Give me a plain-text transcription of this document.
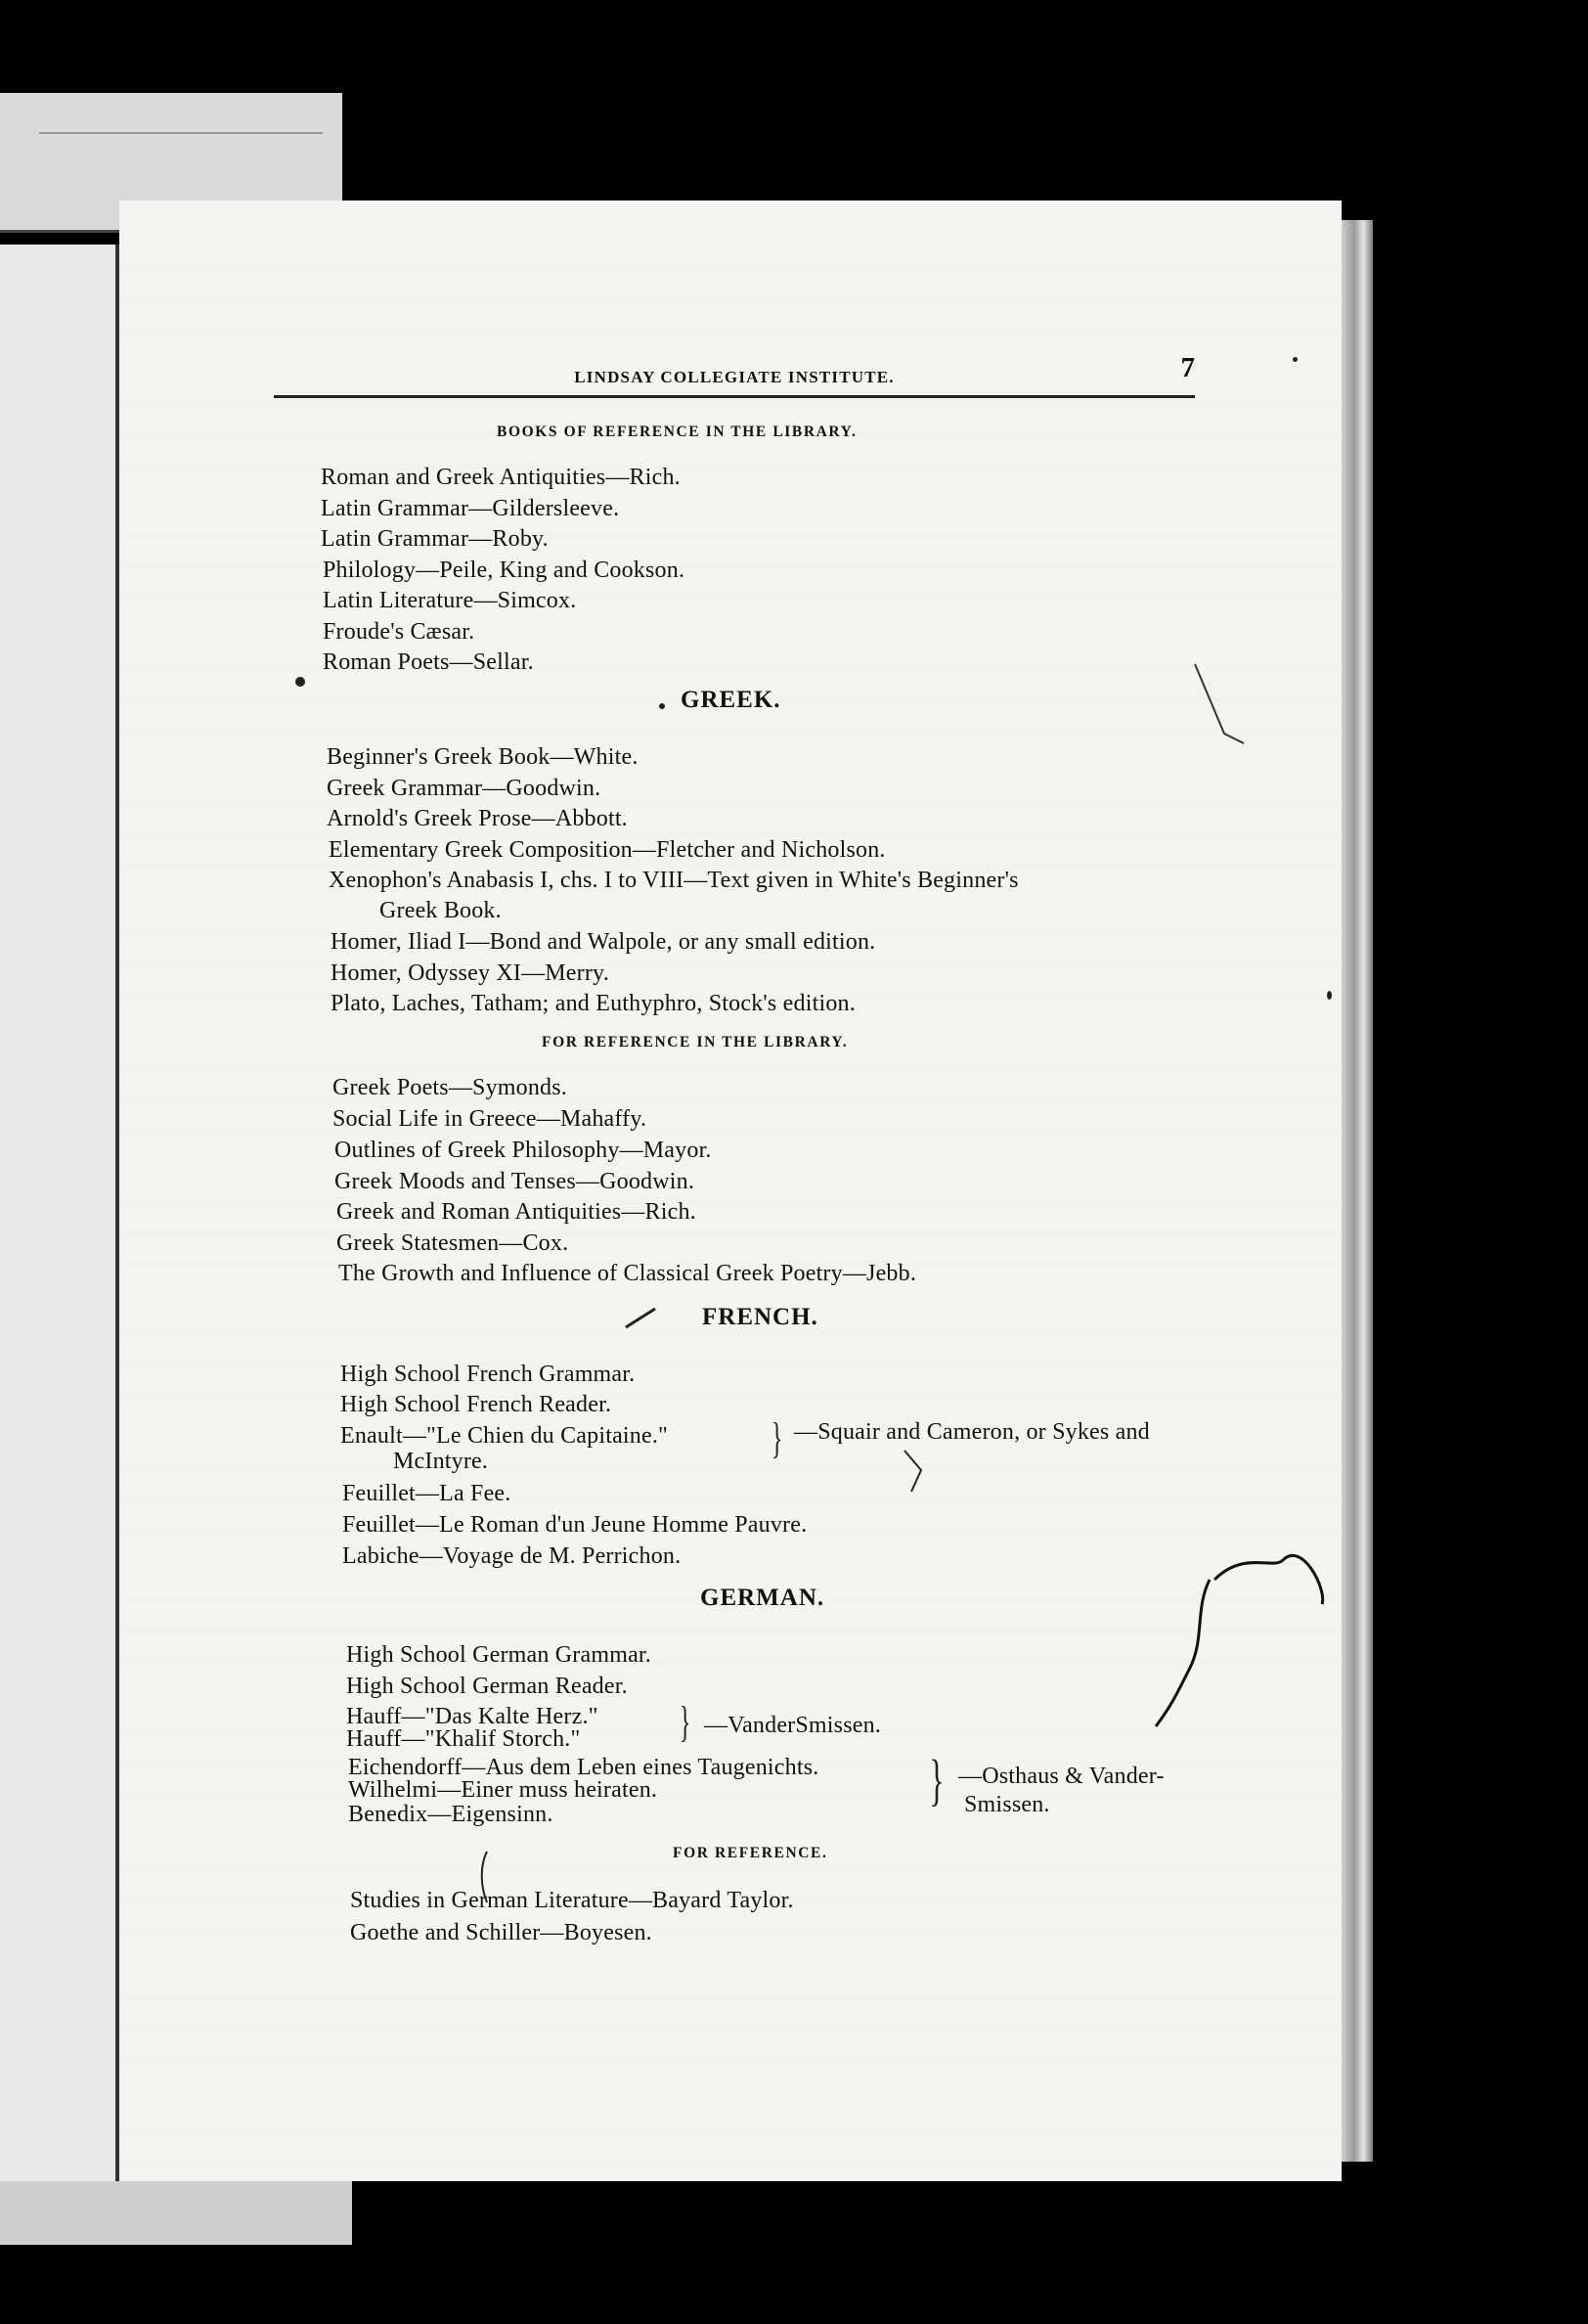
LINDSAY COLLEGIATE INSTITUTE.	7
BOOKS OF REFERENCE IN THE LIBRARY.
Roman and Greek Antiquities—Rich.
Latin Grammar—Gildersleeve.
Latin Grammar—Roby.
Philology—Peile, King and Cookson.
Latin Literature—Simcox.
Froude's Cæsar.
Roman Poets—Sellar.
GREEK.
Beginner's Greek Book—White.
Greek Grammar—Goodwin.
Arnold's Greek Prose—Abbott.
Elementary Greek Composition—Fletcher and Nicholson.
Xenophon's Anabasis I, chs. I to VIII—Text given in White's Beginner's
Greek Book.
Homer, Iliad I—Bond and Walpole, or any small edition.
Homer, Odyssey XI—Merry.
Plato, Laches, Tatham; and Euthyphro, Stock's edition.
FOR REFERENCE IN THE LIBRARY.
Greek Poets—Symonds.
Social Life in Greece—Mahaffy.
Outlines of Greek Philosophy—Mayor.
Greek Moods and Tenses—Goodwin.
Greek and Roman Antiquities—Rich.
Greek Statesmen—Cox.
The Growth and Influence of Classical Greek Poetry—Jebb.
FRENCH.
High School French Grammar.
High School French Reader.
Enault—"Le Chien du Capitaine." } —Squair and Cameron, or Sykes and
McIntyre.
Feuillet—La Fee.
Feuillet—Le Roman d'un Jeune Homme Pauvre.
Labiche—Voyage de M. Perrichon.
GERMAN.
High School German Grammar.
High School German Reader.
Hauff—"Das Kalte Herz."
Hauff—"Khalif Storch." } —VanderSmissen.
Eichendorff—Aus dem Leben eines Taugenichts.
Wilhelmi—Einer muss heiraten.
Benedix—Eigensinn.
} —Osthaus & Vander-
Smissen.
FOR REFERENCE.
Studies in German Literature—Bayard Taylor.
Goethe and Schiller—Boyesen.
